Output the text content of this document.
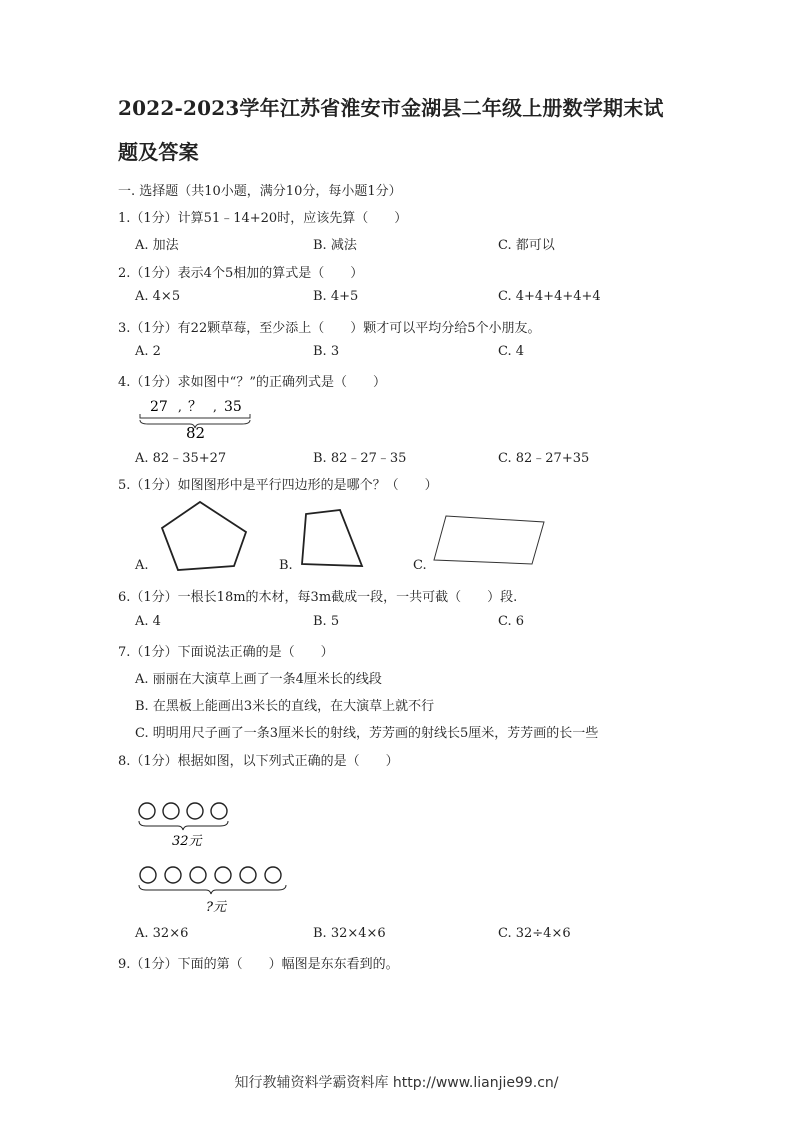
2022-2023学年江苏省淮安市金湖县二年级上册数学期末试
题及答案
一. 选择题（共10小题，满分10分，每小题1分）
1.（1分）计算51﹣14+20时，应该先算（　　）
A. 加法	B. 减法	C. 都可以
2.（1分）表示4个5相加的算式是（　　）
A. 4×5	B. 4+5	C. 4+4+4+4+4
3.（1分）有22颗草莓，至少添上（　　）颗才可以平均分给5个小朋友。
A. 2	B. 3	C. 4
4.（1分）求如图中“？”的正确列式是（　　）
27 , ？ , 35
82
A. 82﹣35+27	B. 82﹣27﹣35	C. 82﹣27+35
5.（1分）如图图形中是平行四边形的是哪个？（　　）
A.	B.	C.
6.（1分）一根长18m的木材，每3m截成一段，一共可截（　　）段.
A. 4	B. 5	C. 6
7.（1分）下面说法正确的是（　　）
A. 丽丽在大演草上画了一条4厘米长的线段
B. 在黑板上能画出3米长的直线，在大演草上就不行
C. 明明用尺子画了一条3厘米长的射线，芳芳画的射线长5厘米，芳芳画的长一些
8.（1分）根据如图，以下列式正确的是（　　）
32元
?元
A. 32×6	B. 32×4×6	C. 32÷4×6
9.（1分）下面的第（　　）幅图是东东看到的。
知行教辅资料学霸资料库 http://www.lianjie99.cn/
